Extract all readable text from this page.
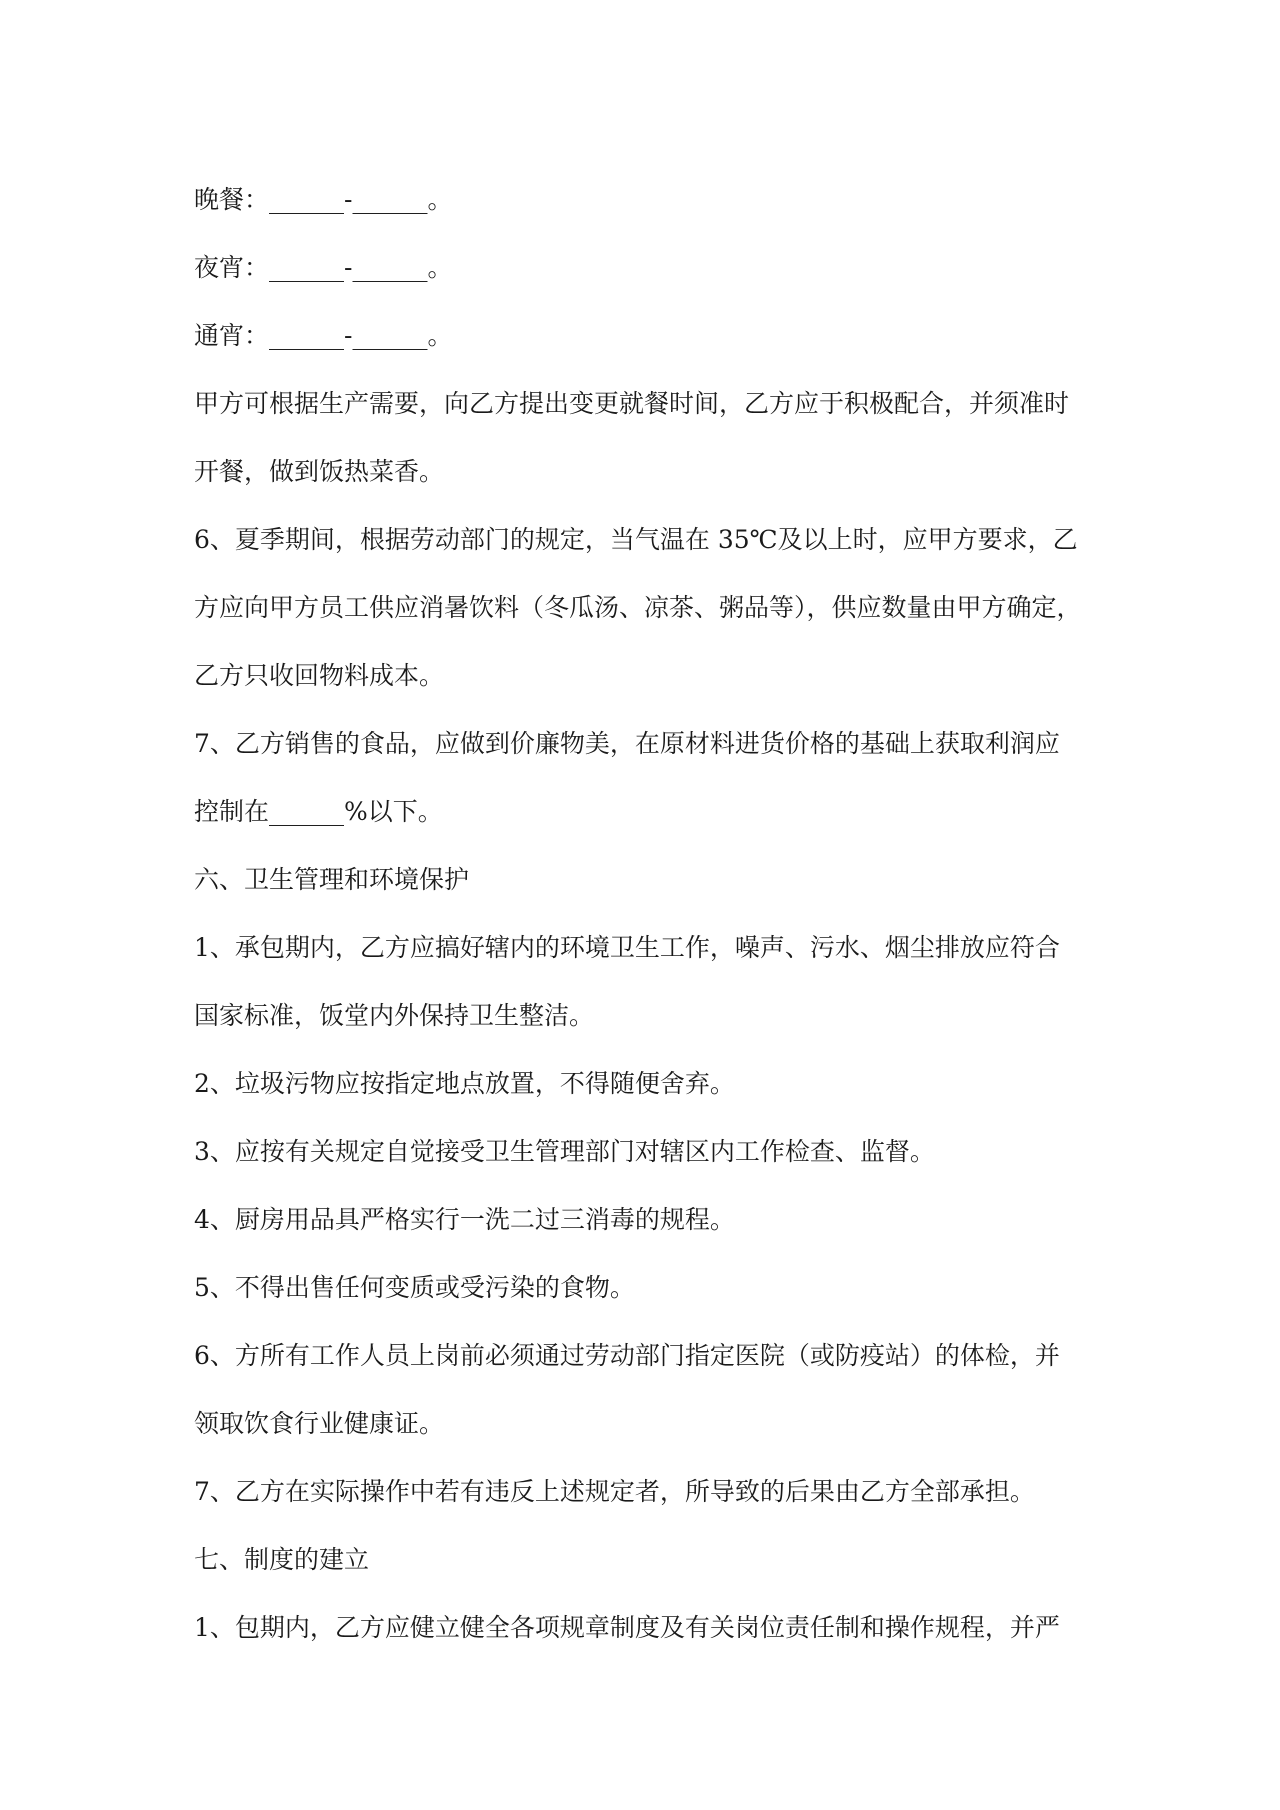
晚餐：______-______。
夜宵：______-______。
通宵：______-______。
甲方可根据生产需要，向乙方提出变更就餐时间，乙方应于积极配合，并须准时
开餐，做到饭热菜香。
6、夏季期间，根据劳动部门的规定，当气温在 35℃及以上时，应甲方要求，乙
方应向甲方员工供应消暑饮料（冬瓜汤、凉茶、粥品等），供应数量由甲方确定，
乙方只收回物料成本。
7、乙方销售的食品，应做到价廉物美，在原材料进货价格的基础上获取利润应
控制在______%以下。
六、卫生管理和环境保护
1、承包期内，乙方应搞好辖内的环境卫生工作，噪声、污水、烟尘排放应符合
国家标准，饭堂内外保持卫生整洁。
2、垃圾污物应按指定地点放置，不得随便舍弃。
3、应按有关规定自觉接受卫生管理部门对辖区内工作检查、监督。
4、厨房用品具严格实行一洗二过三消毒的规程。
5、不得出售任何变质或受污染的食物。
6、方所有工作人员上岗前必须通过劳动部门指定医院（或防疫站）的体检，并
领取饮食行业健康证。
7、乙方在实际操作中若有违反上述规定者，所导致的后果由乙方全部承担。
七、制度的建立
1、包期内，乙方应健立健全各项规章制度及有关岗位责任制和操作规程，并严
